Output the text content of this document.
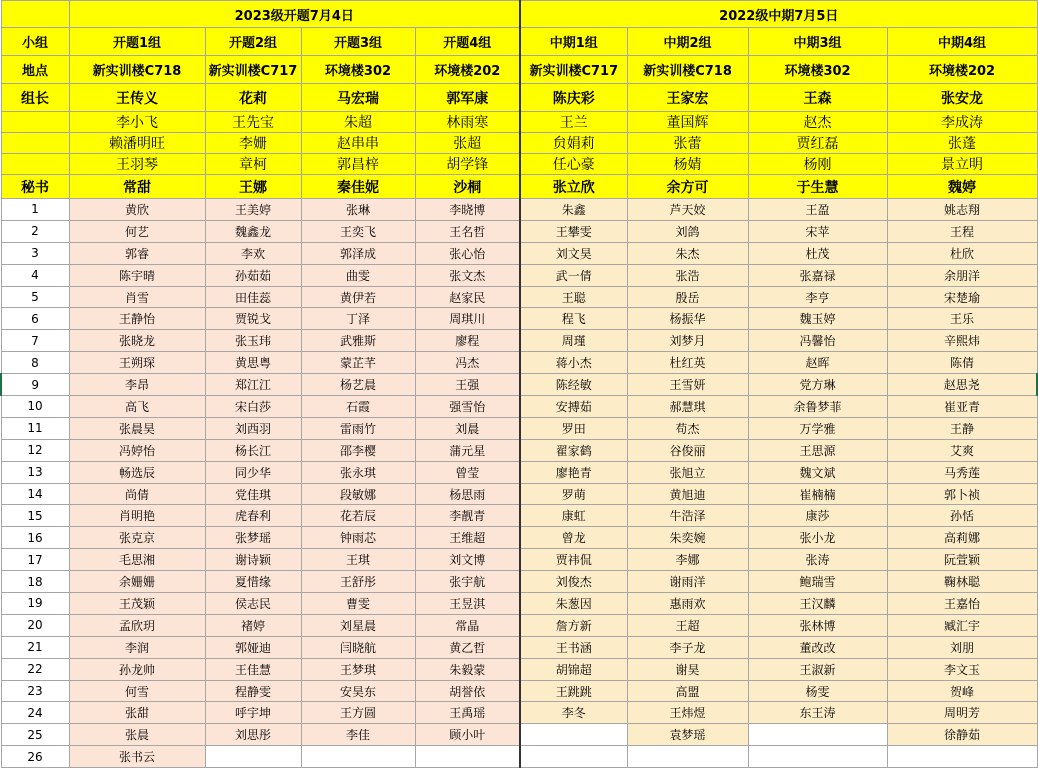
	2023级开题7月4日				2022级中期7月5日			
小组	开题1组	开题2组	开题3组	开题4组	中期1组	中期2组	中期3组	中期4组
地点	新实训楼C718	新实训楼C717	环境楼302	环境楼202	新实训楼C717	新实训楼C718	环境楼302	环境楼202
组长	王传义	花莉	马宏瑞	郭军康	陈庆彩	王家宏	王森	张安龙
	李小飞	王先宝	朱超	林雨寒	王兰	董国辉	赵杰	李成涛
	赖潘明旺	李姗	赵串串	张超	贠娟莉	张蕾	贾红磊	张蓬
	王羽琴	章柯	郭昌梓	胡学锋	任心豪	杨婧	杨刚	景立明
秘书	常甜	王娜	秦佳妮	沙桐	张立欣	余方可	于生慧	魏婷
1	黄欣	王美婷	张琳	李晓博	朱鑫	芦天姣	王盈	姚志翔
2	何艺	魏鑫龙	王奕飞	王名哲	王攀雯	刘鸽	宋苹	王程
3	郭睿	李欢	郭泽成	张心怡	刘文昊	朱杰	杜茂	杜欣
4	陈宇晴	孙茹茹	曲雯	张文杰	武一倩	张浩	张嘉禄	余朋洋
5	肖雪	田佳蕊	黄伊若	赵家民	王聪	殷岳	李亨	宋楚瑜
6	王静怡	贾锐戈	丁泽	周琪川	程飞	杨振华	魏玉婷	王乐
7	张晓龙	张玉玮	武雅斯	廖程	周瑾	刘梦月	冯馨怡	辛熙炜
8	王朔琛	黄思粤	蒙芷芊	冯杰	蒋小杰	杜红英	赵晖	陈倩
9	李昂	郑江江	杨艺晨	王强	陈经敏	王雪妍	党方琳	赵思尧
10	高飞	宋白莎	石霞	强雪怡	安搏茹	郝慧琪	余鲁梦菲	崔亚青
11	张晨昊	刘西羽	雷雨竹	刘晨	罗田	苟杰	万学雅	王静
12	冯婷怡	杨长江	邵李樱	蒲元星	翟家鹤	谷俊丽	王思源	艾爽
13	畅选辰	同少华	张永琪	曾莹	廖艳青	张旭立	魏文斌	马秀莲
14	尚倩	党佳琪	段敏娜	杨思雨	罗萌	黄旭迪	崔楠楠	郭卜祯
15	肖明艳	虎春利	花若辰	李靓青	康虹	牛浩泽	康莎	孙恬
16	张克京	张梦瑶	钟雨芯	王维超	曾龙	朱奕婉	张小龙	高莉娜
17	毛思湘	谢诗颖	王琪	刘文博	贾祎侃	李娜	张涛	阮萱颖
18	余姗姗	夏惜缘	王舒彤	张宇航	刘俊杰	谢雨洋	鲍瑞雪	鞠林聪
19	王茂颖	侯志民	曹雯	王昱淇	朱葱因	惠雨欢	王汉麟	王嘉怡
20	孟欣玥	褚婷	刘星晨	常晶	詹方新	王超	张林博	臧汇宇
21	李润	郭娅迪	闫晓航	黄乙哲	王书涵	李子龙	董改改	刘朋
22	孙龙帅	王佳慧	王梦琪	朱毅蒙	胡锦超	谢昊	王淑新	李文玉
23	何雪	程静雯	安昊东	胡誉依	王跳跳	高盟	杨雯	贺峰
24	张甜	呼宇坤	王方圆	王禹瑶	李冬	王炜煜	东王涛	周明芳
25	张晨	刘思彤	李佳	顾小叶		袁梦瑶		徐静茹
26	张书云							
